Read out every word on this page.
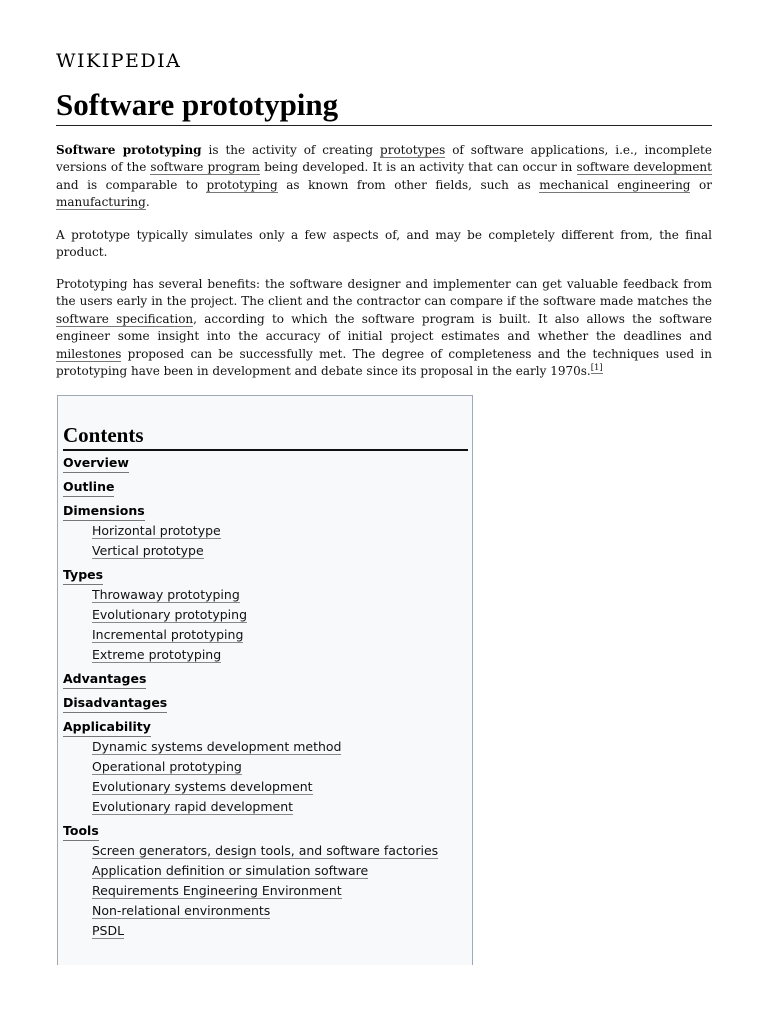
WIKIPEDIA
Software prototyping

Software prototyping is the activity of creating prototypes of software applications, i.e., incomplete versions of the software program being developed. It is an activity that can occur in software development and is comparable to prototyping as known from other fields, such as mechanical engineering or manufacturing.

A prototype typically simulates only a few aspects of, and may be completely different from, the final product.

Prototyping has several benefits: the software designer and implementer can get valuable feedback from the users early in the project. The client and the contractor can compare if the software made matches the software specification, according to which the software program is built. It also allows the software engineer some insight into the accuracy of initial project estimates and whether the deadlines and milestones proposed can be successfully met. The degree of completeness and the techniques used in prototyping have been in development and debate since its proposal in the early 1970s.[1]

Contents
Overview
Outline
Dimensions
Horizontal prototype
Vertical prototype
Types
Throwaway prototyping
Evolutionary prototyping
Incremental prototyping
Extreme prototyping
Advantages
Disadvantages
Applicability
Dynamic systems development method
Operational prototyping
Evolutionary systems development
Evolutionary rapid development
Tools
Screen generators, design tools, and software factories
Application definition or simulation software
Requirements Engineering Environment
Non-relational environments
PSDL
